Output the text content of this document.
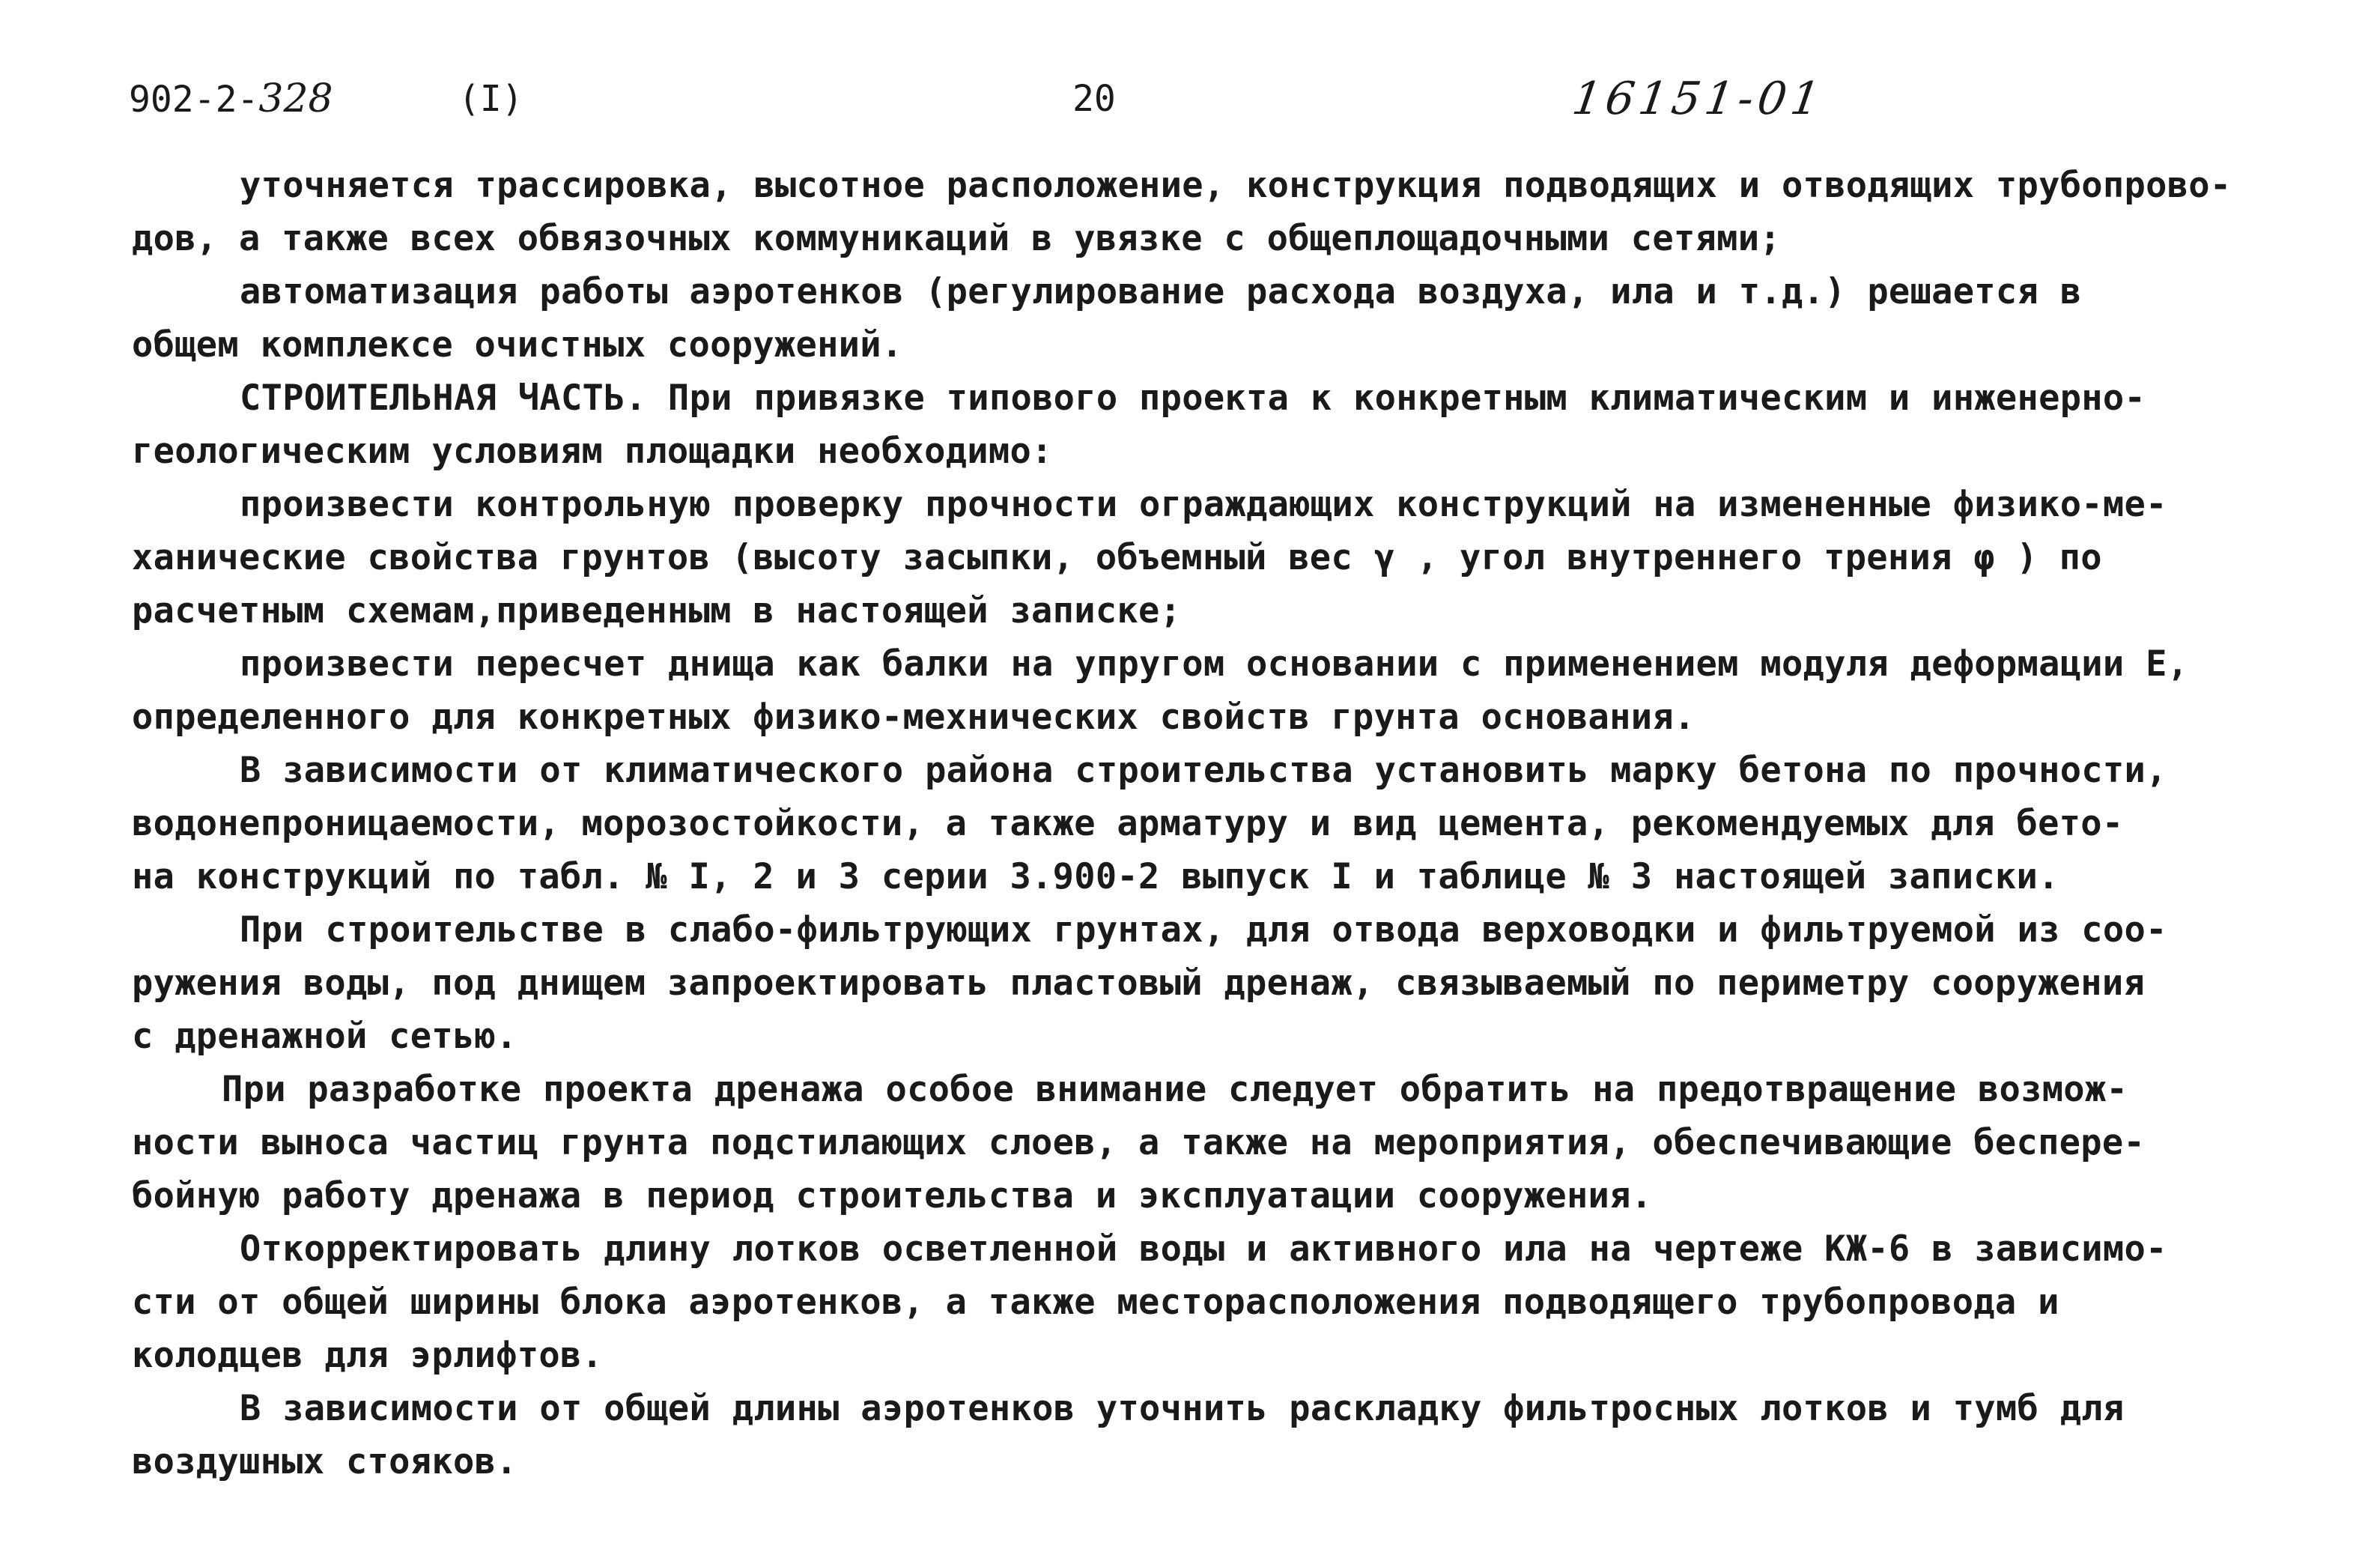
902-2-328	(I)	20	16151-01
уточняется трассировка, высотное расположение, конструкция подводящих и отводящих трубопрово-
дов, а также всех обвязочных коммуникаций в увязке с общеплощадочными сетями;
автоматизация работы аэротенков (регулирование расхода воздуха, ила и т.д.) решается в
общем комплексе очистных сооружений.
СТРОИТЕЛЬНАЯ ЧАСТЬ. При привязке типового проекта к конкретным климатическим и инженерно-
геологическим условиям площадки необходимо:
произвести контрольную проверку прочности ограждающих конструкций на измененные физико-ме-
ханические свойства грунтов (высоту засыпки, объемный вес γ , угол внутреннего трения φ ) по
расчетным схемам,приведенным в настоящей записке;
произвести пересчет днища как балки на упругом основании с применением модуля деформации E,
определенного для конкретных физико-мехнических свойств грунта основания.
В зависимости от климатического района строительства установить марку бетона по прочности,
водонепроницаемости, морозостойкости, а также арматуру и вид цемента, рекомендуемых для бето-
на конструкций по табл. № I, 2 и 3 серии 3.900-2 выпуск I и таблице № 3 настоящей записки.
При строительстве в слабо-фильтрующих грунтах, для отвода верховодки и фильтруемой из соо-
ружения воды, под днищем запроектировать пластовый дренаж, связываемый по периметру сооружения
с дренажной сетью.
При разработке проекта дренажа особое внимание следует обратить на предотвращение возмож-
ности выноса частиц грунта подстилающих слоев, а также на мероприятия, обеспечивающие беспере-
бойную работу дренажа в период строительства и эксплуатации сооружения.
Откорректировать длину лотков осветленной воды и активного ила на чертеже КЖ-6 в зависимо-
сти от общей ширины блока аэротенков, а также месторасположения подводящего трубопровода и
колодцев для эрлифтов.
В зависимости от общей длины аэротенков уточнить раскладку фильтросных лотков и тумб для
воздушных стояков.
